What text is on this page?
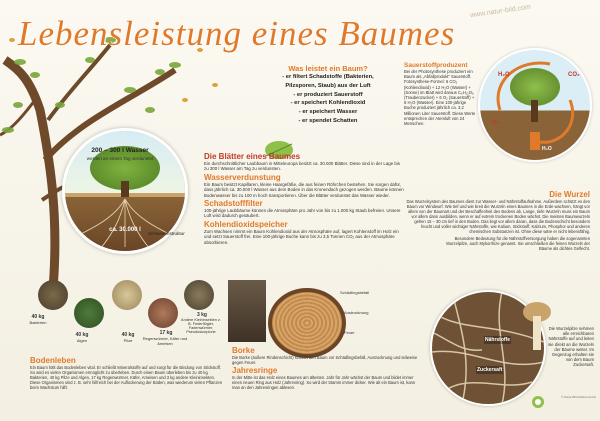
Lebensleistung eines Baumes
www.natur-bild.com
ca. 30.000 l
200 – 300 l Wasser
werden an einem Tag verdunstet
Schwammstruktur
Was leistet ein Baum?
- er filtert Schadstoffe (Bakterien,
Pilzsporen, Staub) aus der Luft
- er produziert Sauerstoff
- er speichert Kohlendioxid
- er speichert Wasser
- er spendet Schatten
Die Blätter eines Baumes
Ein durchschnittlicher Laubbaum in Mitteleuropa besitzt ca. 30.000 Blätter. Diese sind in der Lage bis zu 300 l Wasser am Tag zu verdunsten.
Wasserverdunstung
Ein Baum besitzt Kapillaren, kleine Haargefäße, die aus feinen Röhrchen bestehen. Sie sorgen dafür, dass jährlich ca. 30.000 l Wasser aus dem Boden in das Kronendach gezogen werden. Bäume können Bodenwasser bis zu 100 m hoch transportieren. Über die Blätter verdunstet das Wasser wieder.
Schadstofffilter
100-jährige Laubbäume können die Atmosphäre pro Jahr von bis zu 1.000 kg Staub befreien. Unsere Luft wird dadurch gesäubert.
Kohlendioxidspeicher
Zum Wachsen nimmt ein Baum Kohlendioxid aus der Atmosphäre auf, lagert Kohlenstoff im Holz ein und setzt Sauerstoff frei. Eine 100-jährige Buche kann bis zu 3,5 Tonnen CO₂ aus der Atmosphäre absorbieren.
Sauerstoffproduzent
Bei der Photosynthese produziert ein Baum als „Abfallprodukt“ Sauerstoff. Fotosynthese-Formel: 6 CO₂ (Kohlendioxid) + 12 H₂O (Wasser) + (Sonne) im Blatt wird daraus C₆H₁₂O₆ (Traubenzucker) + 6 O₂ (Sauerstoff) + 6 H₂O (Wasser). Eine 100-jährige Buche produziert jährlich ca. 3,2 Millionen Liter Sauerstoff. Diese Werte entsprechen der Atemluft von 24 Menschen.
CO₂
O₂
H₂O
H₂O
Die Wurzel
Das Wurzelsystem des Baumes dient zur Wasser- und Nährstoffaufnahme. Außerdem schützt es den Baum vor Windwurf. Wie tief und wie breit die Wurzeln eines Baumes in die Erde wachsen, hängt vor allem von der Baumart und der Beschaffenheit des Bodens ab. Lange, tiefe Wurzeln muss ein Baum vor allem dann ausbilden, wenn er auf extrem trockenen Boden wächst. Die meisten Baumwurzeln gehen 15 – 30 cm tief in den Boden. Das liegt vor allem daran, dass die Bodenschicht besonders feucht und voller wichtiger Nährstoffe, wie Kalium, Stickstoff, Kalzium, Phosphor und anderen chemischen Substanzen ist. Ohne diese wäre er nicht lebensfähig.
Besondere Bedeutung für die Nährstoffversorgung haben die sogenannten Wurzelpilze, auch Mykorrhize genannt. Sie umschließen die feinen Wurzeln der Bäume als dichtes Geflecht.
Nährstoffe
Zuckersaft
Die Wurzelpilze nehmen alle erreichbaren Nährstoffe auf und leiten sie direkt an die Wurzeln der Bäume weiter. Im Gegenzug erhalten sie von dem Baum Zuckersaft.
40 kg
Bakterien
40 kg
Algen
40 kg
Pilze
17 kg
Regenwürmer, Käfer und Ameisen
3 kg
Andere Kleininsekten z. B. Federflügler, Fadenwürmer, Pseudoskorpione
Bodenleben
Ein Baum hält das Bodenleben vital. Er schließt Mineralstoffe auf und sorgt für die Bindung von Stickstoff. So wird es vielen Organismen ermöglicht zu überleben. Durch einen Baum überleben bis zu 40 kg Bakterien, 40 kg Pilze und Algen, 17 kg Regenwürmer, Käfer, Ameisen und 3 kg andere Kleininsekten. Diese Organismen sind z. B. sehr hilfreich bei der Auflockerung der Böden, was wiederum vielen Pflanzen beim Wachstum hilft.
Schädlingsbefall
Austrocknung
Feuer
Borke
Die Borke (äußere Rindenschicht) schützt den Baum vor Schädlingsbefall, Austrocknung und teilweise gegen Feuer.
Jahresringe
In der Mitte ist das Holz eines Baumes am ältesten. Jahr für Jahr wächst der Baum und bildet immer einen neuen Ring aus Holz (Jahresring). So wird der Stamm immer dicker. Wie alt ein Baum ist, kann man an den Jahresringen ablesen.
© Natur-Bild Media GmbH
